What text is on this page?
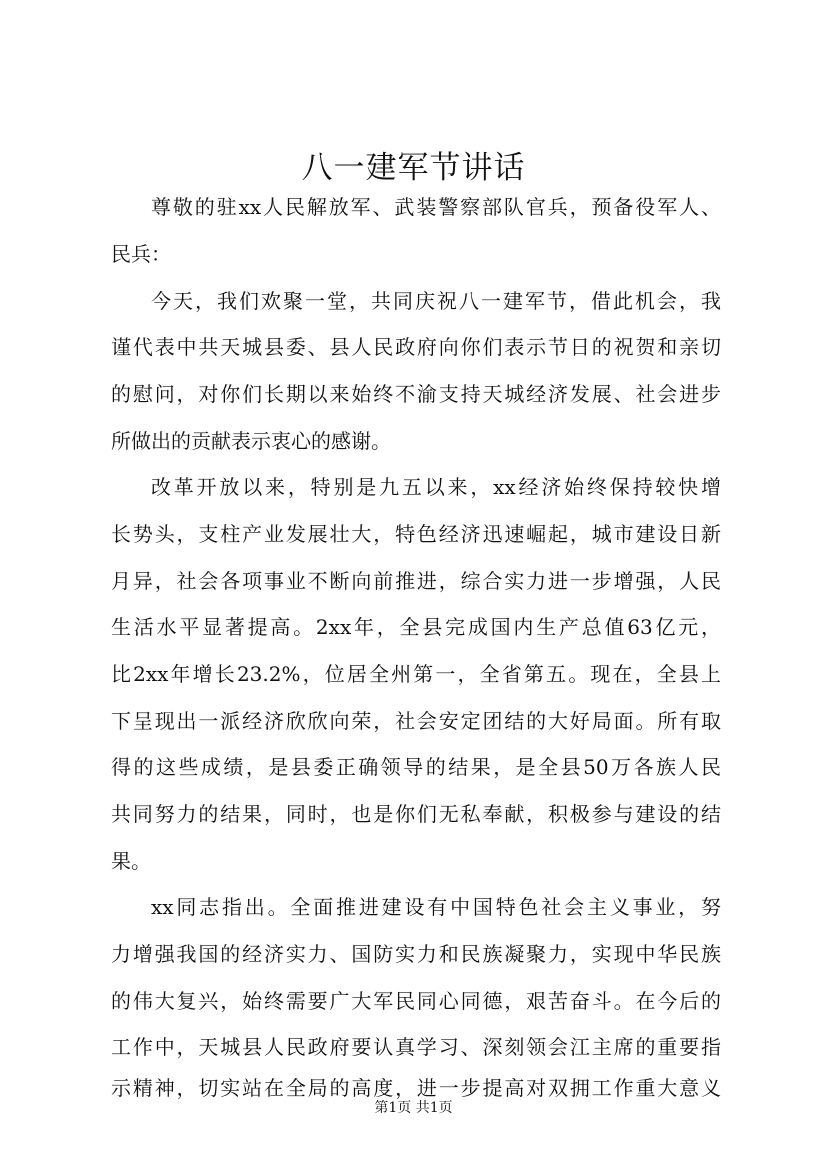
八一建军节讲话
尊敬的驻xx人民解放军、武装警察部队官兵，预备役军人、
民兵：
今天，我们欢聚一堂，共同庆祝八一建军节，借此机会，我
谨代表中共天城县委、县人民政府向你们表示节日的祝贺和亲切
的慰问，对你们长期以来始终不渝支持天城经济发展、社会进步
所做出的贡献表示衷心的感谢。
改革开放以来，特别是九五以来，xx经济始终保持较快增
长势头，支柱产业发展壮大，特色经济迅速崛起，城市建设日新
月异，社会各项事业不断向前推进，综合实力进一步增强，人民
生活水平显著提高。2xx年，全县完成国内生产总值63亿元，
比2xx年增长23.2%，位居全州第一，全省第五。现在，全县上
下呈现出一派经济欣欣向荣，社会安定团结的大好局面。所有取
得的这些成绩，是县委正确领导的结果，是全县50万各族人民
共同努力的结果，同时，也是你们无私奉献，积极参与建设的结
果。
xx同志指出。全面推进建设有中国特色社会主义事业，努
力增强我国的经济实力、国防实力和民族凝聚力，实现中华民族
的伟大复兴，始终需要广大军民同心同德，艰苦奋斗。在今后的
工作中，天城县人民政府要认真学习、深刻领会江主席的重要指
示精神，切实站在全局的高度，进一步提高对双拥工作重大意义
第1页 共1页
